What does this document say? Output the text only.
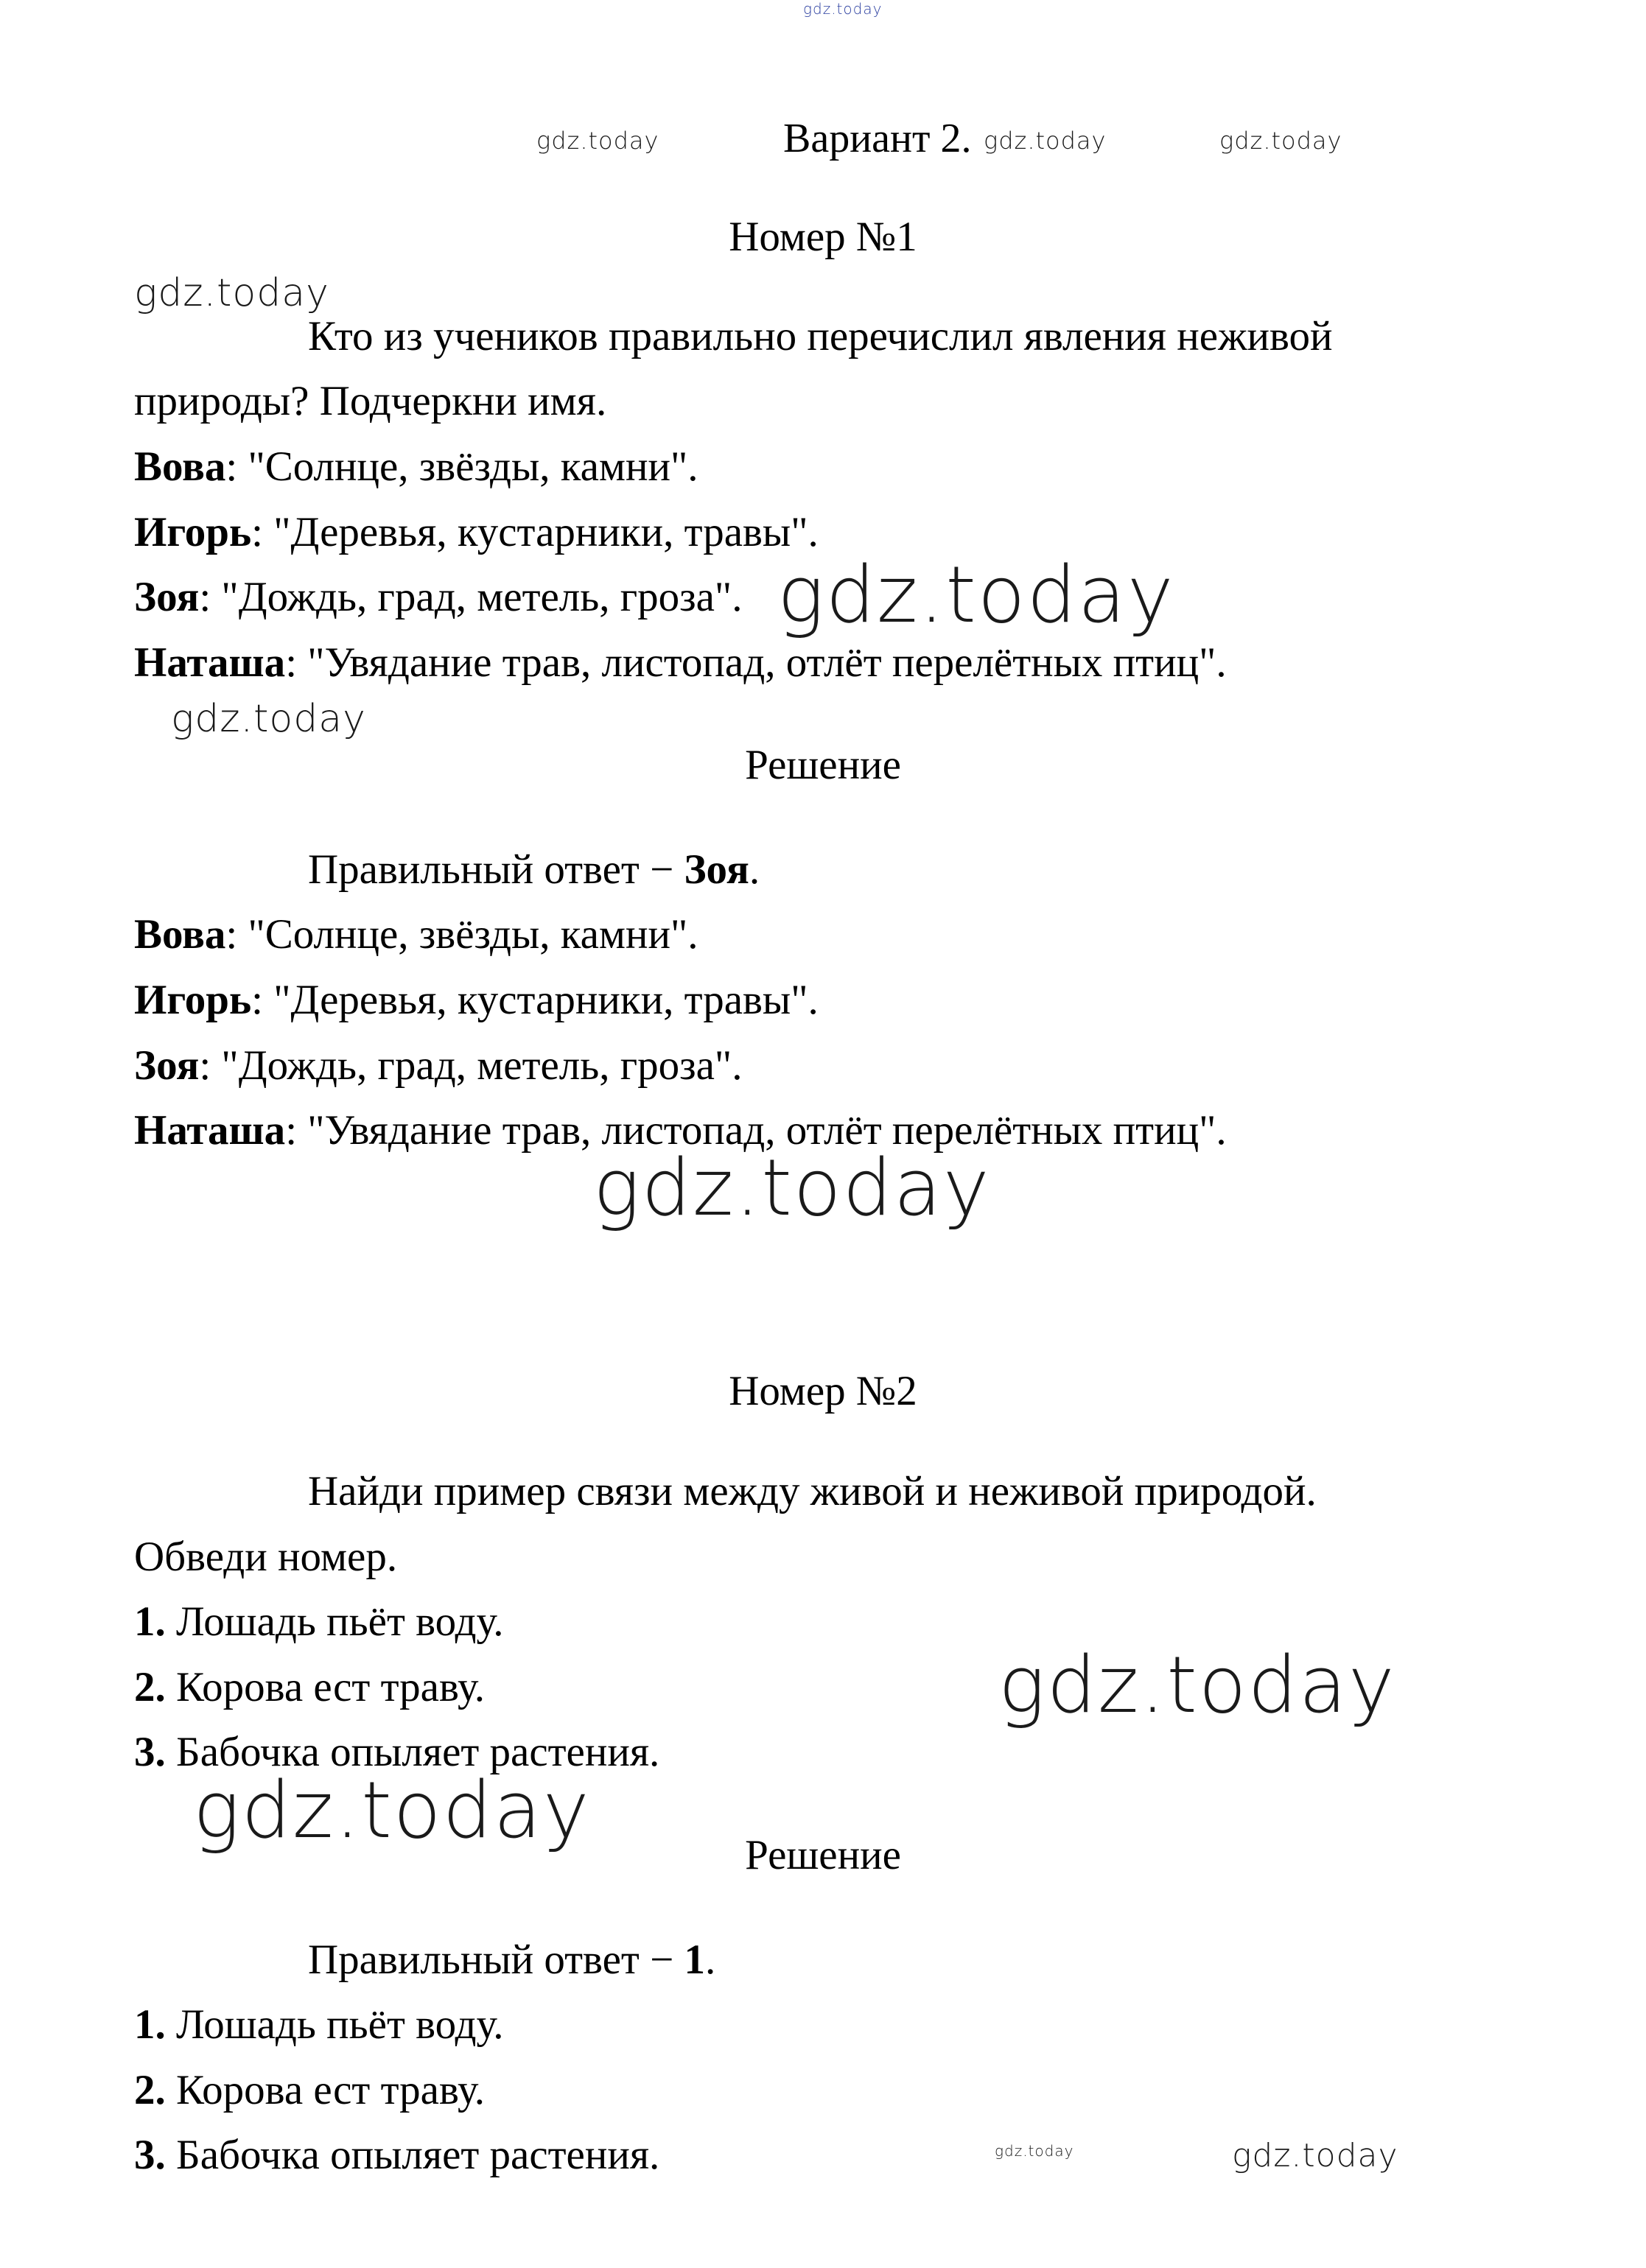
gdz.today
gdz.today	gdz.today	gdz.today
gdz.today
gdz.today
gdz.today
gdz.today
gdz.today
gdz.today
gdz.today	gdz.today
Вариант 2.
Номер №1
Кто из учеников правильно перечислил явления неживой
природы? Подчеркни имя.
Вова: "Солнце, звёзды, камни".
Игорь: "Деревья, кустарники, травы".
Зоя: "Дождь, град, метель, гроза".
Наташа: "Увядание трав, листопад, отлёт перелётных птиц".
Решение
Правильный ответ − Зоя.
Вова: "Солнце, звёзды, камни".
Игорь: "Деревья, кустарники, травы".
Зоя: "Дождь, град, метель, гроза".
Наташа: "Увядание трав, листопад, отлёт перелётных птиц".
Номер №2
Найди пример связи между живой и неживой природой.
Обведи номер.
1. Лошадь пьёт воду.
2. Корова ест траву.
3. Бабочка опыляет растения.
Решение
Правильный ответ − 1.
1. Лошадь пьёт воду.
2. Корова ест траву.
3. Бабочка опыляет растения.
